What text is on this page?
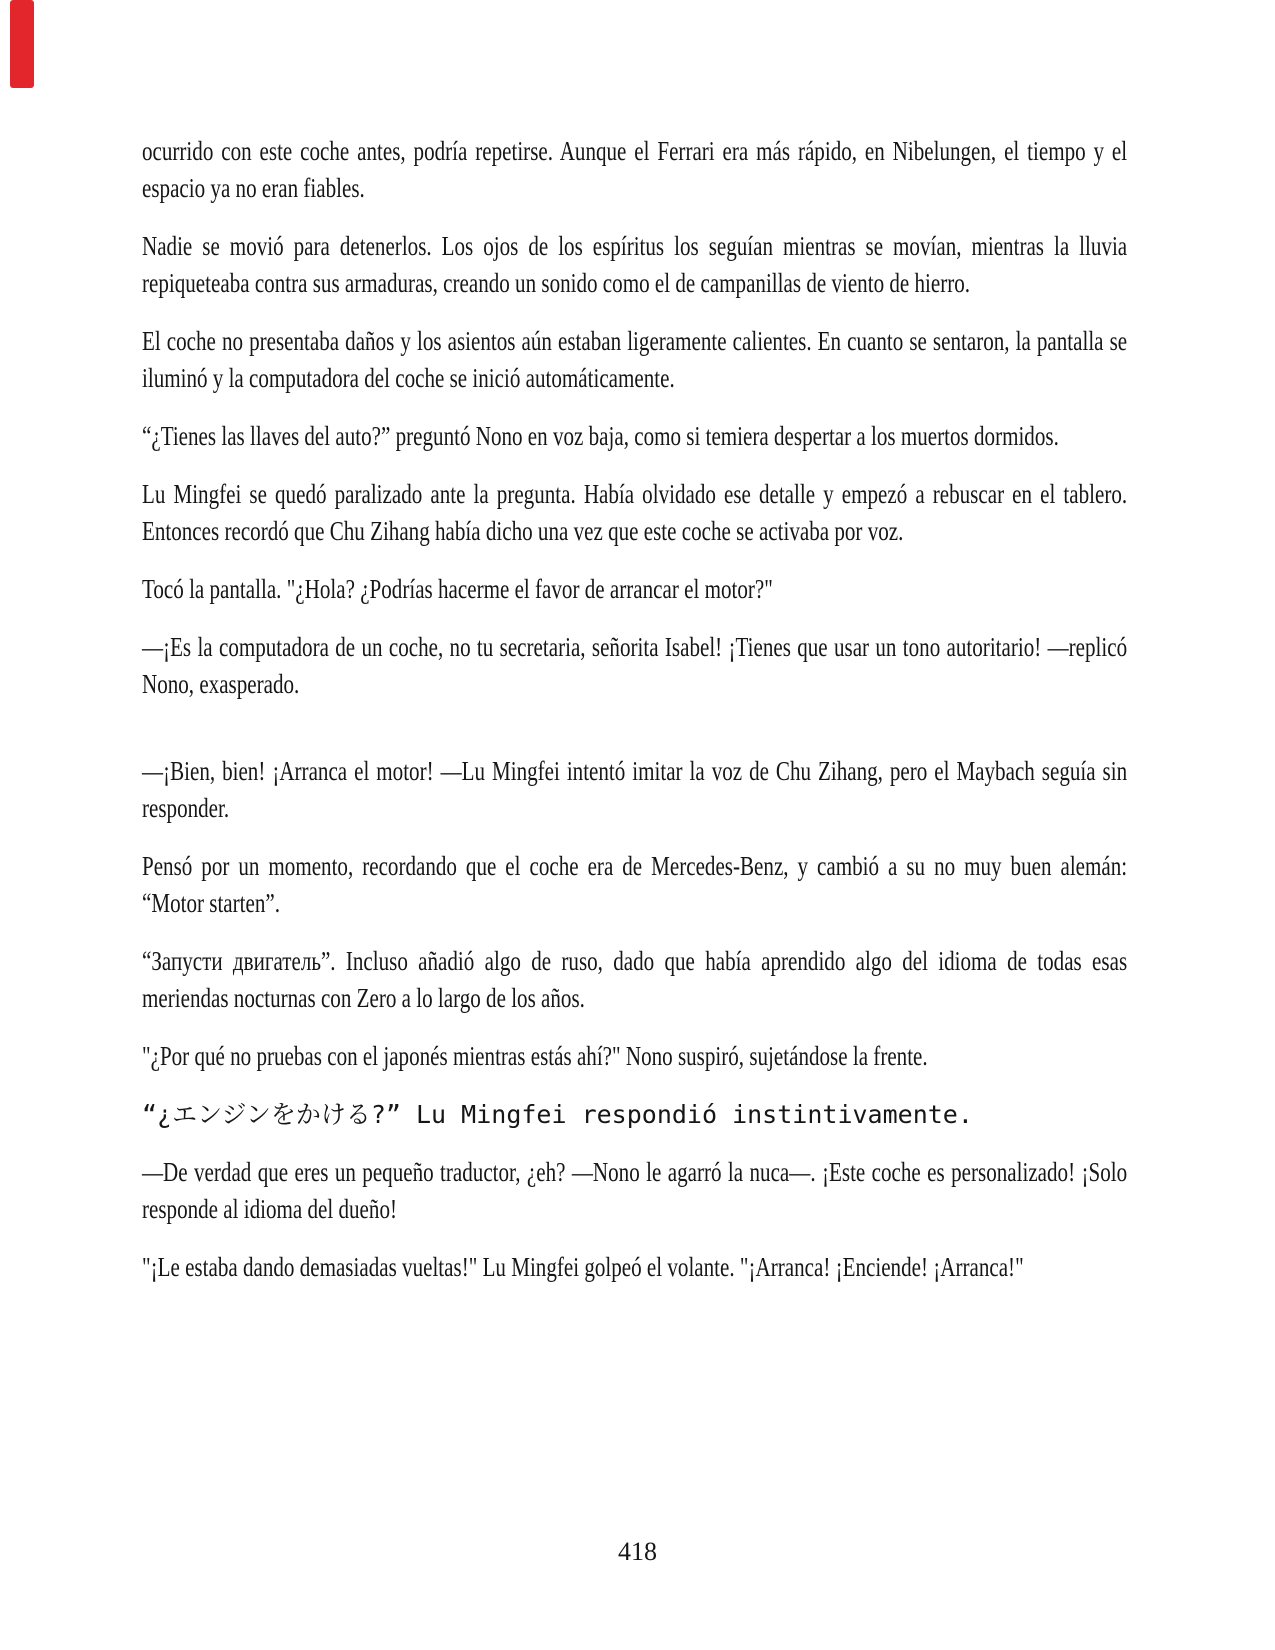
ocurrido con este coche antes, podría repetirse. Aunque el Ferrari era más rápido, en Nibelungen, el tiempo y el espacio ya no eran fiables.

Nadie se movió para detenerlos. Los ojos de los espíritus los seguían mientras se movían, mientras la lluvia repiqueteaba contra sus armaduras, creando un sonido como el de campanillas de viento de hierro.

El coche no presentaba daños y los asientos aún estaban ligeramente calientes. En cuanto se sentaron, la pantalla se iluminó y la computadora del coche se inició automáticamente.

“¿Tienes las llaves del auto?” preguntó Nono en voz baja, como si temiera despertar a los muertos dormidos.

Lu Mingfei se quedó paralizado ante la pregunta. Había olvidado ese detalle y empezó a rebuscar en el tablero. Entonces recordó que Chu Zihang había dicho una vez que este coche se activaba por voz.

Tocó la pantalla. "¿Hola? ¿Podrías hacerme el favor de arrancar el motor?"

—¡Es la computadora de un coche, no tu secretaria, señorita Isabel! ¡Tienes que usar un tono autoritario! —replicó Nono, exasperado.

—¡Bien, bien! ¡Arranca el motor! —Lu Mingfei intentó imitar la voz de Chu Zihang, pero el Maybach seguía sin responder.

Pensó por un momento, recordando que el coche era de Mercedes-Benz, y cambió a su no muy buen alemán: “Motor starten”.

“Запусти двигатель”. Incluso añadió algo de ruso, dado que había aprendido algo del idioma de todas esas meriendas nocturnas con Zero a lo largo de los años.

"¿Por qué no pruebas con el japonés mientras estás ahí?" Nono suspiró, sujetándose la frente.

“¿エンジンをかける?” Lu Mingfei respondió instintivamente.

—De verdad que eres un pequeño traductor, ¿eh? —Nono le agarró la nuca—. ¡Este coche es personalizado! ¡Solo responde al idioma del dueño!

"¡Le estaba dando demasiadas vueltas!" Lu Mingfei golpeó el volante. "¡Arranca! ¡Enciende! ¡Arranca!"

418
